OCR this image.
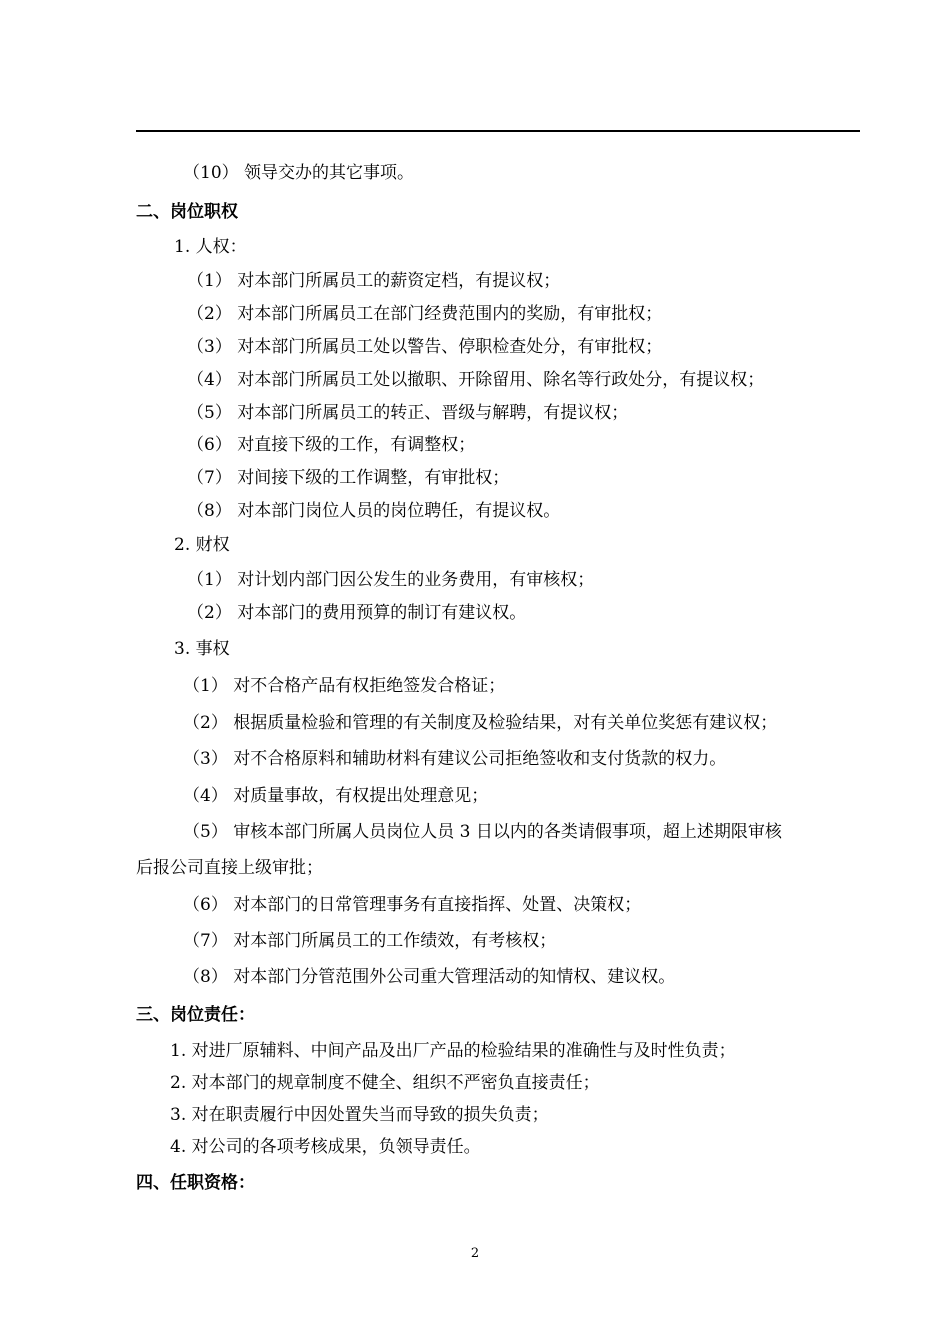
（10） 领导交办的其它事项。
二、岗位职权
1. 人权：
（1） 对本部门所属员工的薪资定档，有提议权；
（2） 对本部门所属员工在部门经费范围内的奖励，有审批权；
（3） 对本部门所属员工处以警告、停职检查处分，有审批权；
（4） 对本部门所属员工处以撤职、开除留用、除名等行政处分，有提议权；
（5） 对本部门所属员工的转正、晋级与解聘，有提议权；
（6） 对直接下级的工作，有调整权；
（7） 对间接下级的工作调整，有审批权；
（8） 对本部门岗位人员的岗位聘任，有提议权。
2. 财权
（1） 对计划内部门因公发生的业务费用，有审核权；
（2） 对本部门的费用预算的制订有建议权。
3. 事权
（1） 对不合格产品有权拒绝签发合格证；
（2） 根据质量检验和管理的有关制度及检验结果，对有关单位奖惩有建议权；
（3） 对不合格原料和辅助材料有建议公司拒绝签收和支付货款的权力。
（4） 对质量事故，有权提出处理意见；
（5） 审核本部门所属人员岗位人员 3 日以内的各类请假事项，超上述期限审核
后报公司直接上级审批；
（6） 对本部门的日常管理事务有直接指挥、处置、决策权；
（7） 对本部门所属员工的工作绩效，有考核权；
（8） 对本部门分管范围外公司重大管理活动的知情权、建议权。
三、岗位责任：
1. 对进厂原辅料、中间产品及出厂产品的检验结果的准确性与及时性负责；
2. 对本部门的规章制度不健全、组织不严密负直接责任；
3. 对在职责履行中因处置失当而导致的损失负责；
4. 对公司的各项考核成果，负领导责任。
四、任职资格：
2
